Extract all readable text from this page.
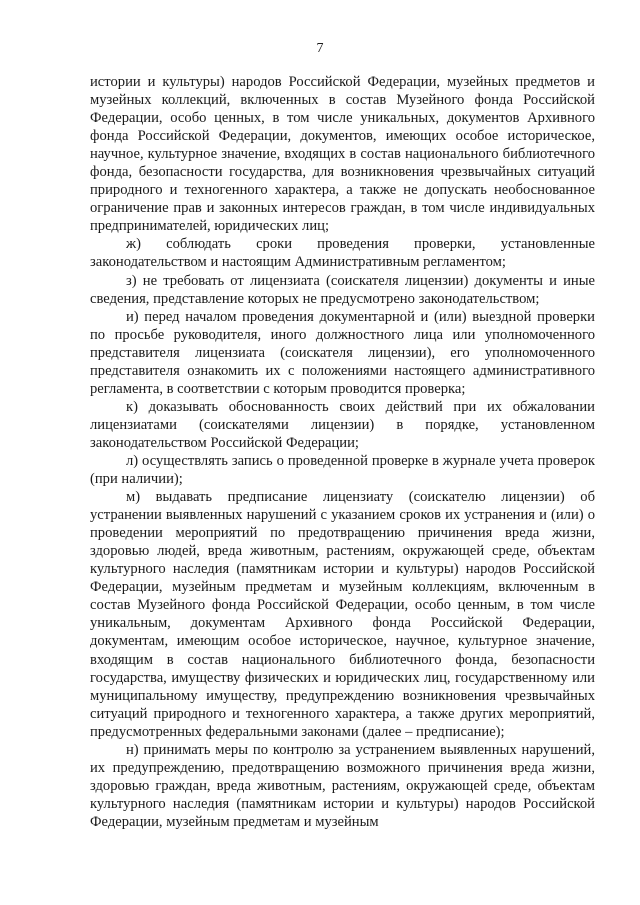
7

истории и культуры) народов Российской Федерации, музейных предметов и музейных коллекций, включенных в состав Музейного фонда Российской Федерации, особо ценных, в том числе уникальных, документов Архивного фонда Российской Федерации, документов, имеющих особое историческое, научное, культурное значение, входящих в состав национального библиотечного фонда, безопасности государства, для возникновения чрезвычайных ситуаций природного и техногенного характера, а также не допускать необоснованное ограничение прав и законных интересов граждан, в том числе индивидуальных предпринимателей, юридических лиц;

ж) соблюдать сроки проведения проверки, установленные законодательством и настоящим Административным регламентом;

з) не требовать от лицензиата (соискателя лицензии) документы и иные сведения, представление которых не предусмотрено законодательством;

и) перед началом проведения документарной и (или) выездной проверки по просьбе руководителя, иного должностного лица или уполномоченного представителя лицензиата (соискателя лицензии), его уполномоченного представителя ознакомить их с положениями настоящего административного регламента, в соответствии с которым проводится проверка;

к) доказывать обоснованность своих действий при их обжаловании лицензиатами (соискателями лицензии) в порядке, установленном законодательством Российской Федерации;

л) осуществлять запись о проведенной проверке в журнале учета проверок (при наличии);

м) выдавать предписание лицензиату (соискателю лицензии) об устранении выявленных нарушений с указанием сроков их устранения и (или) о проведении мероприятий по предотвращению причинения вреда жизни, здоровью людей, вреда животным, растениям, окружающей среде, объектам культурного наследия (памятникам истории и культуры) народов Российской Федерации, музейным предметам и музейным коллекциям, включенным в состав Музейного фонда Российской Федерации, особо ценным, в том числе уникальным, документам Архивного фонда Российской Федерации, документам, имеющим особое историческое, научное, культурное значение, входящим в состав национального библиотечного фонда, безопасности государства, имуществу физических и юридических лиц, государственному или муниципальному имуществу, предупреждению возникновения чрезвычайных ситуаций природного и техногенного характера, а также других мероприятий, предусмотренных федеральными законами (далее – предписание);

н) принимать меры по контролю за устранением выявленных нарушений, их предупреждению, предотвращению возможного причинения вреда жизни, здоровью граждан, вреда животным, растениям, окружающей среде, объектам культурного наследия (памятникам истории и культуры) народов Российской Федерации, музейным предметам и музейным
